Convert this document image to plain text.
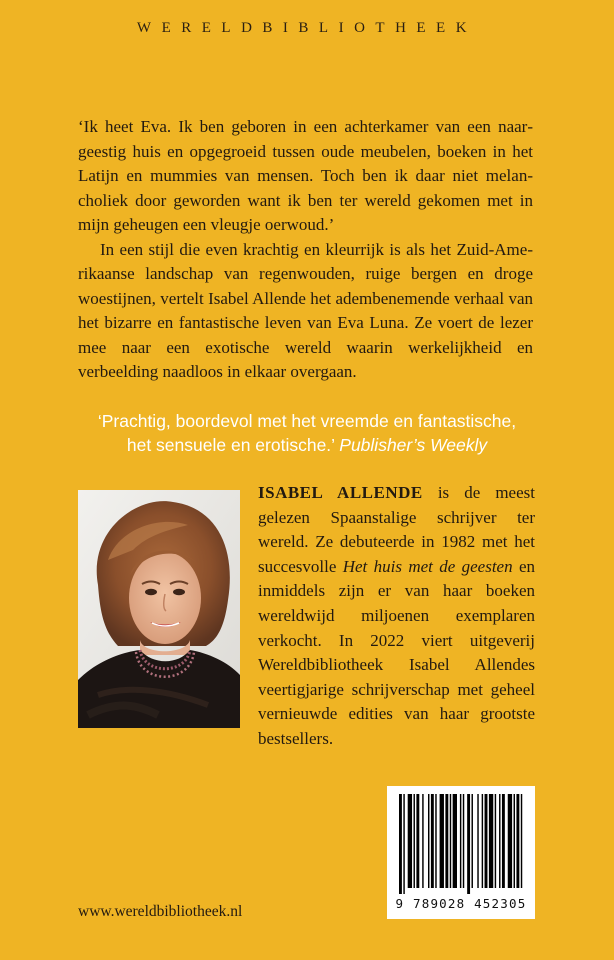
WERELDBIBLIOTHEEK

‘Ik heet Eva. Ik ben geboren in een achterkamer van een naargeestig huis en opgegroeid tussen oude meubelen, boeken in het Latijn en mummies van mensen. Toch ben ik daar niet melancholiek door geworden want ik ben ter wereld gekomen met in mijn geheugen een vleugje oerwoud.’

In een stijl die even krachtig en kleurrijk is als het Zuid-Amerikaanse landschap van regenwouden, ruige bergen en droge woestijnen, vertelt Isabel Allende het adembenemende verhaal van het bizarre en fantastische leven van Eva Luna. Ze voert de lezer mee naar een exotische wereld waarin werkelijkheid en verbeelding naadloos in elkaar overgaan.

‘Prachtig, boordevol met het vreemde en fantastische,
het sensuele en erotische.’ Publisher’s Weekly

ISABEL ALLENDE is de meest gelezen Spaanstalige schrijver ter wereld. Ze debuteerde in 1982 met het succesvolle Het huis met de geesten en inmiddels zijn er van haar boeken wereldwijd miljoenen exemplaren verkocht. In 2022 viert uitgeverij Wereldbibliotheek Isabel Allendes veertigjarige schrijverschap met geheel vernieuwde edities van haar grootste bestsellers.

9 789028 452305
www.wereldbibliotheek.nl
